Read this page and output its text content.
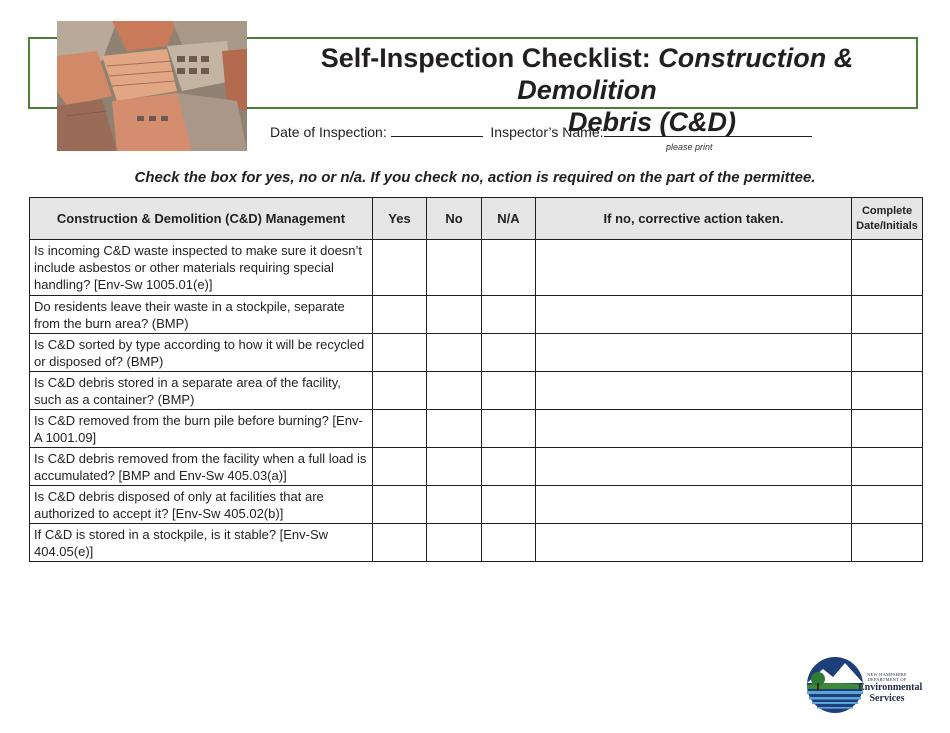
Self-Inspection Checklist: Construction & Demolition
Debris (C&D)
Date of Inspection:	Inspector’s Name:
please print
Check the box for yes, no or n/a. If you check no, action is required on the part of the permittee.
Construction & Demolition (C&D) Management	Yes	No	N/A	If no, corrective action taken.	Complete
Date/Initials
Is incoming C&D waste inspected to make sure it doesn’t include asbestos or other materials requiring special handling? [Env-Sw 1005.01(e)]					
Do residents leave their waste in a stockpile, separate from the burn area? (BMP)					
Is C&D sorted by type according to how it will be recycled or disposed of? (BMP)					
Is C&D debris stored in a separate area of the facility, such as a container? (BMP)					
Is C&D removed from the burn pile before burning? [Env-A 1001.09]					
Is C&D debris removed from the facility when a full load is accumulated? [BMP and Env-Sw 405.03(a)]					
Is C&D debris disposed of only at facilities that are authorized to accept it? [Env-Sw 405.02(b)]					
If C&D is stored in a stockpile, is it stable? [Env-Sw 404.05(e)]					
NEW HAMPSHIRE DEPARTMENT OF
Environmental
Services
